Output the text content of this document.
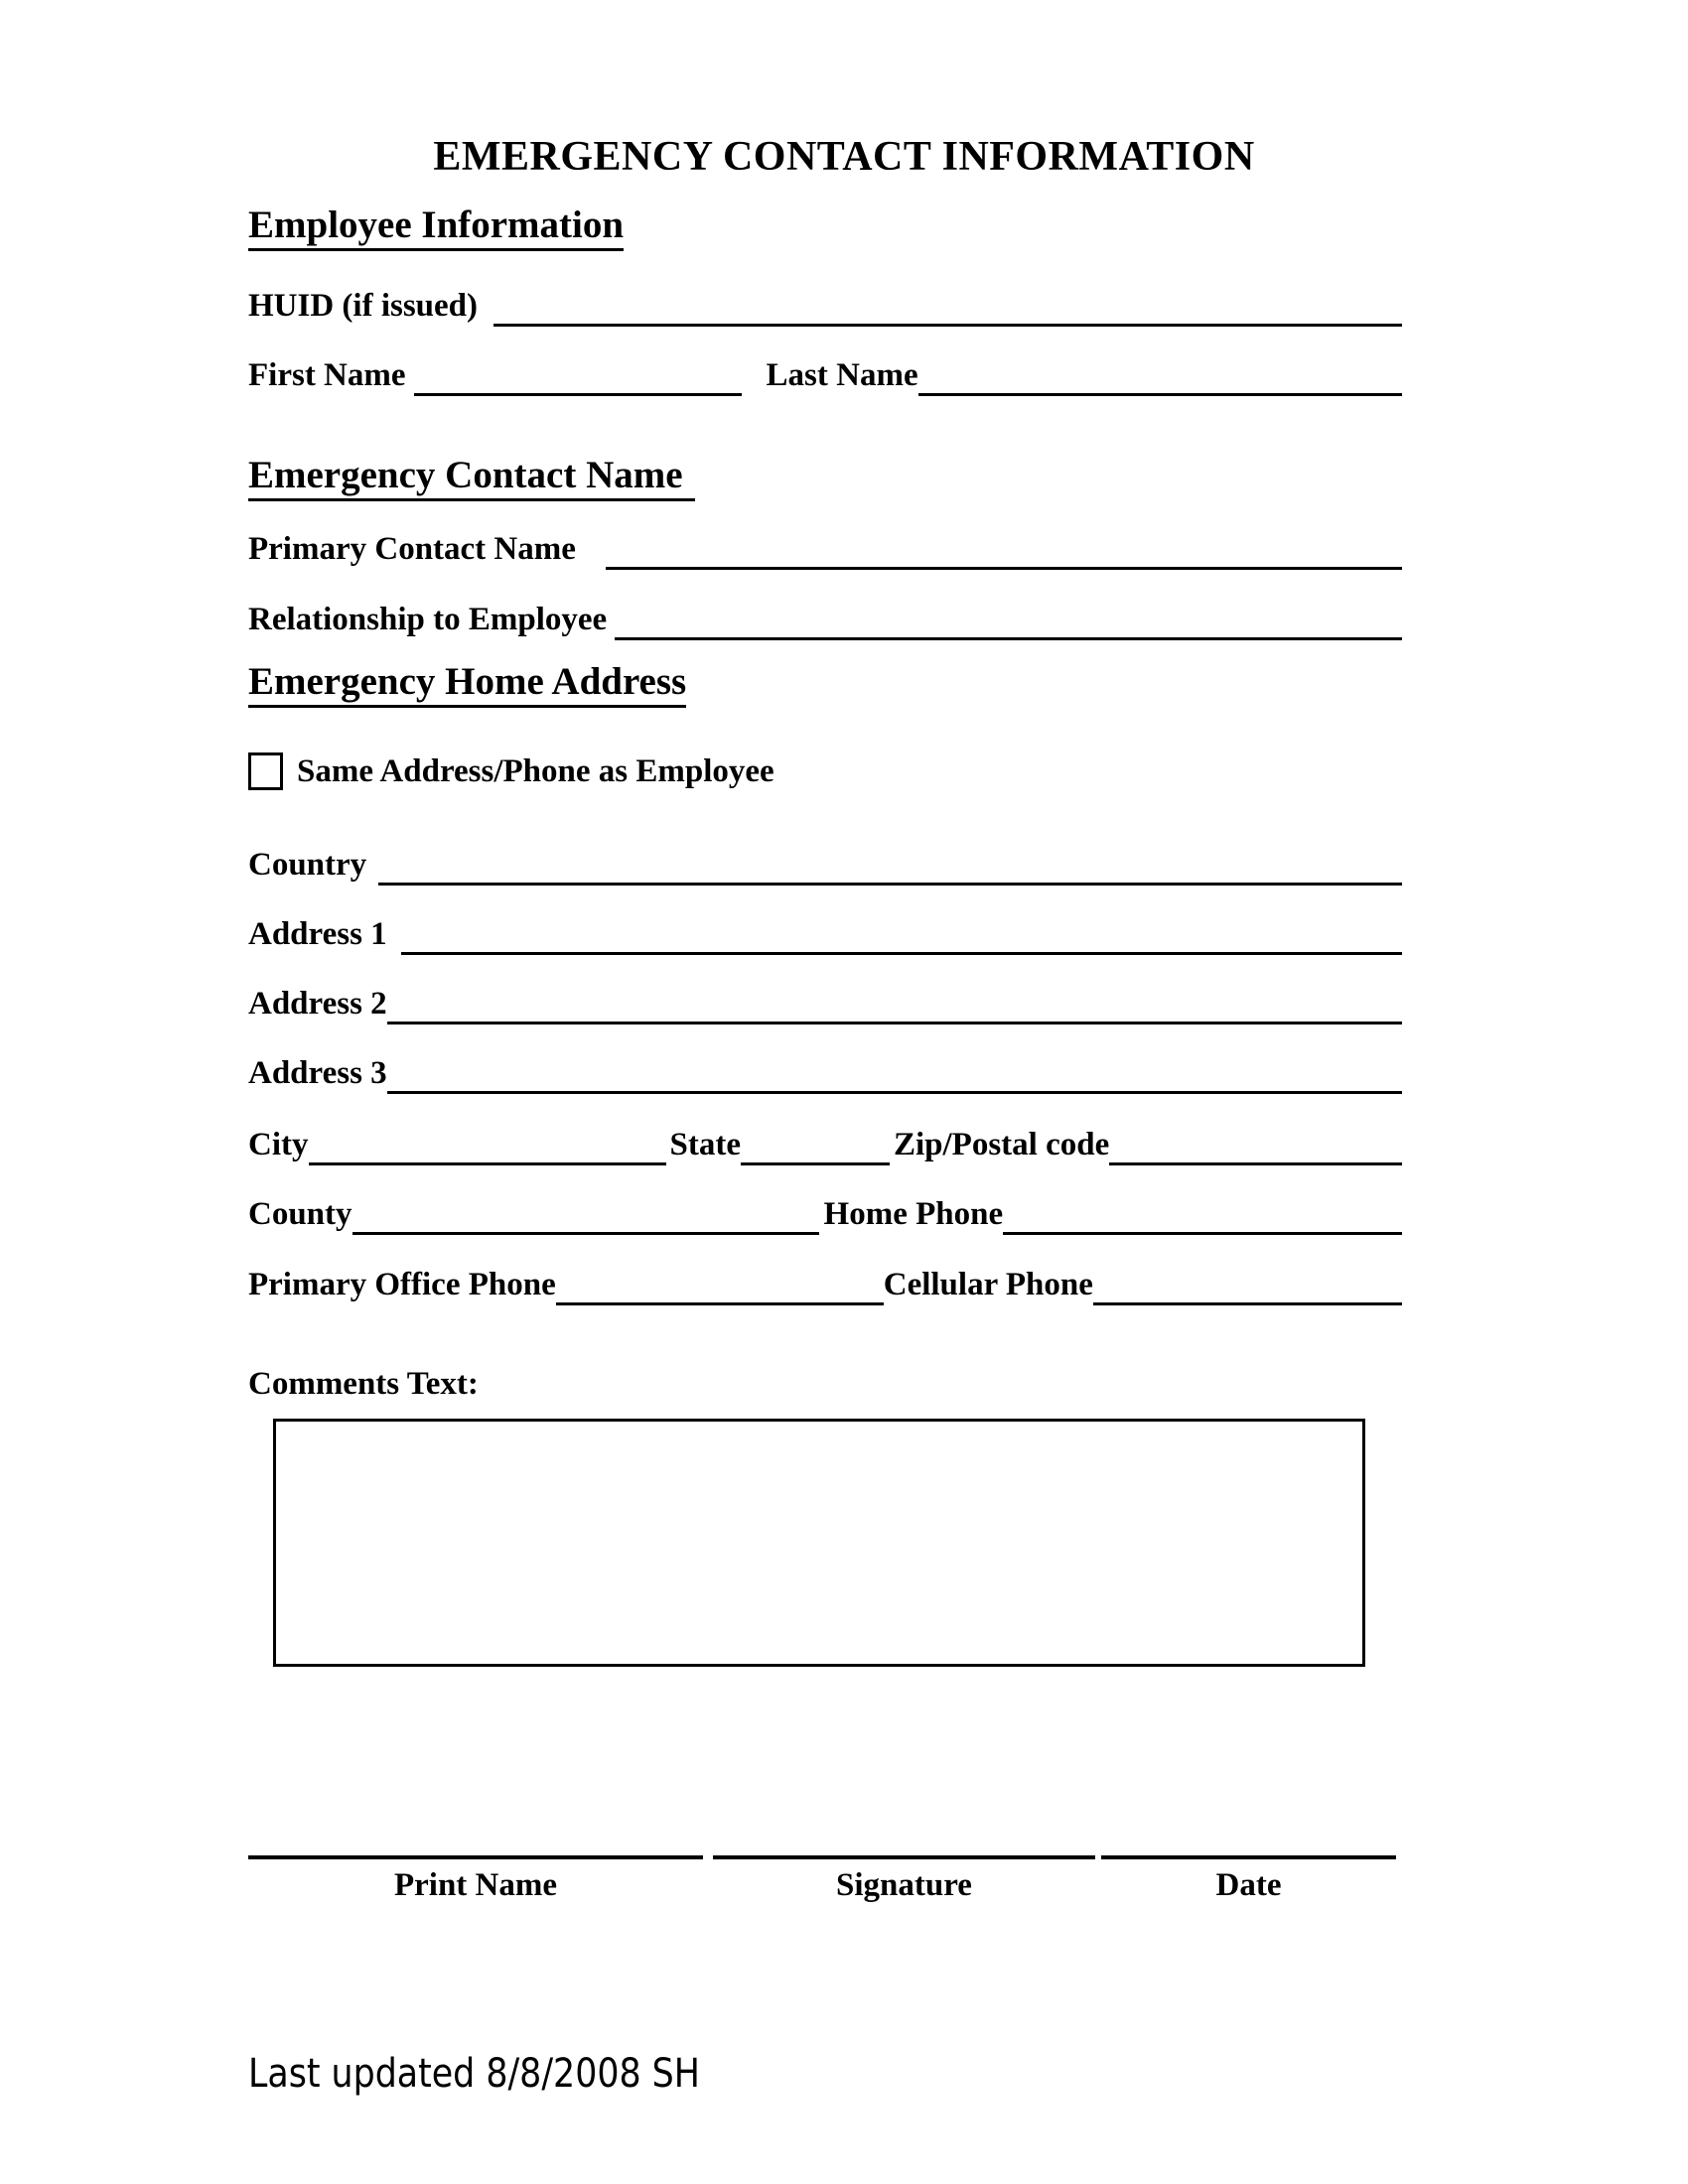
EMERGENCY CONTACT INFORMATION
Employee Information
HUID (if issued)
First Name	Last Name
Emergency Contact Name
Primary Contact Name
Relationship to Employee
Emergency Home Address
Same Address/Phone as Employee
Country
Address 1
Address 2
Address 3
City	State	Zip/Postal code
County	Home Phone
Primary Office Phone	Cellular Phone
Comments Text:
Print Name	Signature	Date
Last updated 8/8/2008 SH
